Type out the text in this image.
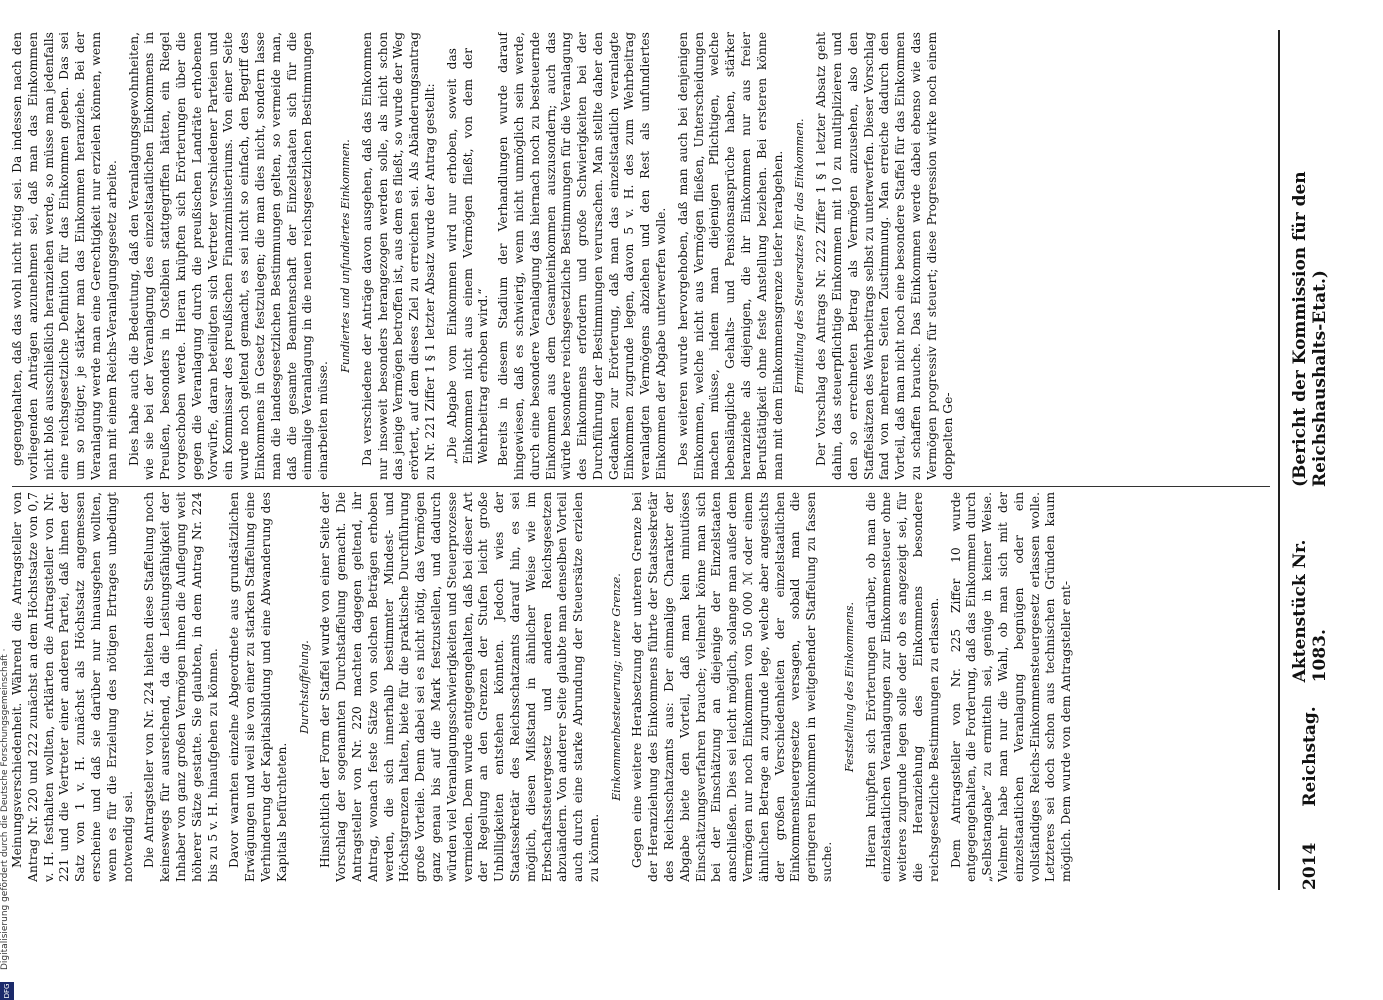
2014
Reichstag.
Aktenstück Nr. 1083.
(Bericht der Kommission für den Reichshaushalts-Etat.)

Meinungsverschiedenheit. Während die Antragsteller von Antrag Nr. 220 und 222 zunächst an dem Höchstsatze von 0,7 v. H. festhalten wollten, erklärten die Antragsteller von Nr. 221 und die Vertreter einer anderen Partei, daß ihnen der Satz von 1 v. H. zunächst als Höchstsatz angemessen erscheine und daß sie darüber nur hinausgehen wollten, wenn es für die Erzielung des nötigen Ertrages unbedingt notwendig sei. Die Antragsteller von Nr. 224 hielten diese Staffelung noch keineswegs für ausreichend, da die Leistungsfähigkeit der Inhaber von ganz großen Vermögen ihnen die Auflegung weit höherer Sätze gestatte. Sie glaubten, in dem Antrag Nr. 224 bis zu 5 v. H. hinaufgehen zu können. Davor warnten einzelne Abgeordnete aus grundsätzlichen Erwägungen und weil sie von einer zu starken Staffelung eine Verhinderung der Kapitalsbildung und eine Abwanderung des Kapitals befürchteten.

Durchstaffelung. Hinsichtlich der Form der Staffel wurde von einer Seite der Vorschlag der sogenannten Durchstaffelung gemacht. Die Antragsteller von Nr. 220 machten dagegen geltend, ihr Antrag, wonach feste Sätze von solchen Beträgen erhoben werden, die sich innerhalb bestimmter Mindest- und Höchstgrenzen halten, biete für die praktische Durchführung große Vorteile. Denn dabei sei es nicht nötig, das Vermögen ganz genau bis auf die Mark festzustellen, und dadurch würden viel Veranlagungsschwierigkeiten und Steuerprozesse vermieden. Dem wurde entgegengehalten, daß bei dieser Art der Regelung an den Grenzen der Stufen leicht große Unbilligkeiten entstehen könnten. Jedoch wies der Staatssekretär des Reichsschatzamts darauf hin, es sei möglich, diesen Mißstand in ähnlicher Weise wie im Erbschaftssteuergesetz und anderen Reichsgesetzen abzuändern. Von anderer Seite glaubte man denselben Vorteil auch durch eine starke Abrundung der Steuersätze erzielen zu können.

Einkommenbesteuerung; untere Grenze. Gegen eine weitere Herabsetzung der unteren Grenze bei der Heranziehung des Einkommens führte der Staatssekretär des Reichsschatzamts aus: Der einmalige Charakter der Abgabe biete den Vorteil, daß man kein minutiöses Einschätzungsverfahren brauche; vielmehr könne man sich bei der Einschätzung an diejenige der Einzelstaaten anschließen. Dies sei leicht möglich, solange man außer dem Vermögen nur noch Einkommen von 50 000 ℳ oder einem ähnlichen Betrage an zugrunde lege, welche aber angesichts der großen Verschiedenheiten der einzelstaatlichen Einkommensteuergesetze versagen, sobald man die geringeren Einkommen in weitgehender Staffelung zu fassen suche.

Feststellung des Einkommens. Hieran knüpften sich Erörterungen darüber, ob man die einzelstaatlichen Veranlagungen zur Einkommensteuer ohne weiteres zugrunde legen solle oder ob es angezeigt sei, für die Heranziehung des Einkommens besondere reichsgesetzliche Bestimmungen zu erlassen. Dem Antragsteller von Nr. 225 Ziffer 10 wurde entgegengehalten, die Forderung, daß das Einkommen durch „Selbstangabe“ zu ermitteln sei, genüge in keiner Weise. Vielmehr habe man nur die Wahl, ob man sich mit der einzelstaatlichen Veranlagung begnügen oder ein vollständiges Reichs-Einkommensteuergesetz erlassen wolle. Letzteres sei doch schon aus technischen Gründen kaum möglich. Dem wurde von dem Antragsteller ent-

gegengehalten, daß das wohl nicht nötig sei. Da indessen nach den vorliegenden Anträgen anzunehmen sei, daß man das Einkommen nicht bloß ausschließlich heranziehen werde, so müsse man jedenfalls eine reichsgesetzliche Definition für das Einkommen geben. Das sei um so nötiger, je stärker man das Einkommen heranziehe. Bei der Veranlagung werde man eine Gerechtigkeit nur erzielen können, wenn man mit einem Reichs-Veranlagungsgesetz arbeite. Dies habe auch die Bedeutung, daß den Veranlagungsgewohnheiten, wie sie bei der Veranlagung des einzelstaatlichen Einkommens in Preußen, besonders in Ostelbien stattgegriffen hätten, ein Riegel vorgeschoben werde. Hieran knüpften sich Erörterungen über die gegen die Veranlagung durch die preußischen Landräte erhobenen Vorwürfe, daran beteiligten sich Vertreter verschiedener Parteien und ein Kommissar des preußischen Finanzministeriums. Von einer Seite wurde noch geltend gemacht, es sei nicht so einfach, den Begriff des Einkommens in Gesetz festzulegen; die man dies nicht, sondern lasse man die landesgesetzlichen Bestimmungen gelten, so vermeide man, daß die gesamte Beamtenschaft der Einzelstaaten sich für die einmalige Veranlagung in die neuen reichsgesetzlichen Bestimmungen einarbeiten müsse.

Fundiertes und unfundiertes Einkommen. Da verschiedene der Anträge davon ausgehen, daß das Einkommen nur insoweit besonders herangezogen werden solle, als nicht schon das jenige Vermögen betroffen ist, aus dem es fließt, so wurde der Weg erörtert, auf dem dieses Ziel zu erreichen sei. Als Abänderungsantrag zu Nr. 221 Ziffer 1 § 1 letzter Absatz wurde der Antrag gestellt: „Die Abgabe vom Einkommen wird nur erhoben, soweit das Einkommen nicht aus einem Vermögen fließt, von dem der Wehrbeitrag erhoben wird.“ Bereits in diesem Stadium der Verhandlungen wurde darauf hingewiesen, daß es schwierig, wenn nicht unmöglich sein werde, durch eine besondere Veranlagung das hiernach noch zu besteuernde Einkommen aus dem Gesamteinkommen auszusondern; auch das würde besondere reichsgesetzliche Bestimmungen für die Veranlagung des Einkommens erfordern und große Schwierigkeiten bei der Durchführung der Bestimmungen verursachen. Man stellte daher den Gedanken zur Erörterung, daß man das einzelstaatlich veranlagte Einkommen zugrunde legen, davon 5 v. H. des zum Wehrbeitrag veranlagten Vermögens abziehen und den Rest als unfundiertes Einkommen der Abgabe unterwerfen wolle. Des weiteren wurde hervorgehoben, daß man auch bei denjenigen Einkommen, welche nicht aus Vermögen fließen, Unterscheidungen machen müsse, indem man diejenigen Pflichtigen, welche lebenslängliche Gehalts- und Pensionsansprüche haben, stärker heranziehe als diejenigen, die ihr Einkommen nur aus freier Berufstätigkeit ohne feste Anstellung beziehen. Bei ersteren könne man mit dem Einkommensgrenze tiefer herabgehen. Ermittlung des Steuersatzes für das Einkommen. Der Vorschlag des Antrags Nr. 222 Ziffer 1 § 1 letzter Absatz geht dahin, das steuerpflichtige Einkommen mit 10 zu multiplizieren und den so errechneten Betrag als Vermögen anzusehen, also den Staffelsätzen des Wehrbeitrags selbst zu unterwerfen. Dieser Vorschlag fand von mehreren Seiten Zustimmung. Man erreiche dadurch den Vorteil, daß man nicht noch eine besondere Staffel für das Einkommen zu schaffen brauche. Das Einkommen werde dabei ebenso wie das Vermögen progressiv für steuert; diese Progression wirke noch einem doppelten Ge-

DFG
Digitalisierung gefördert durch die Deutsche Forschungsgemeinschaft ·
